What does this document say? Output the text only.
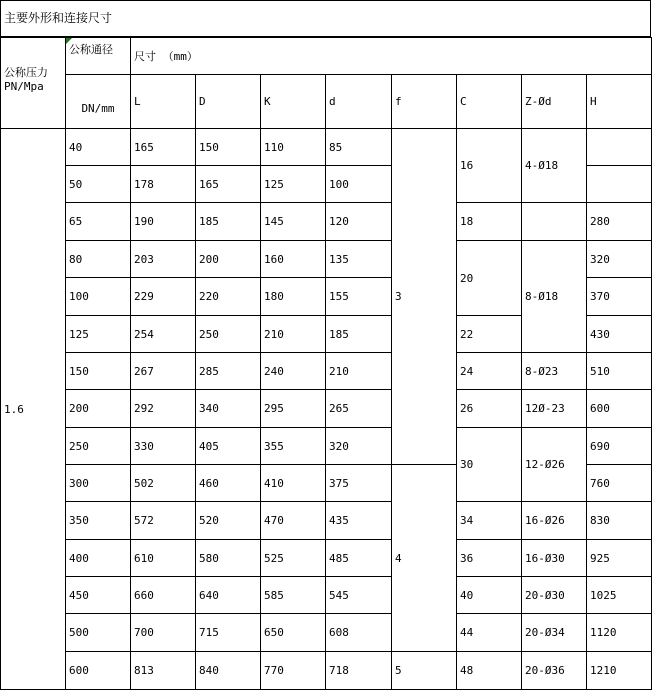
主要外形和连接尺寸
公称压力
PN/Mpa	公称通径	尺寸 （mm）							
	DN/mm	L	D	K	d	f	C	Z-Ød	H
1.6	40	165	150	110	85	3	16	4-Ø18	
	50	178	165	125	100				
	65	190	185	145	120		18		280
	80	203	200	160	135		20	8-Ø18	320
	100	229	220	180	155				370
	125	254	250	210	185		22		430
	150	267	285	240	210		24	8-Ø23	510
	200	292	340	295	265		26	12Ø-23	600
	250	330	405	355	320		30	12-Ø26	690
	300	502	460	410	375	4			760
	350	572	520	470	435		34	16-Ø26	830
	400	610	580	525	485		36	16-Ø30	925
	450	660	640	585	545		40	20-Ø30	1025
	500	700	715	650	608		44	20-Ø34	1120
	600	813	840	770	718	5	48	20-Ø36	1210
